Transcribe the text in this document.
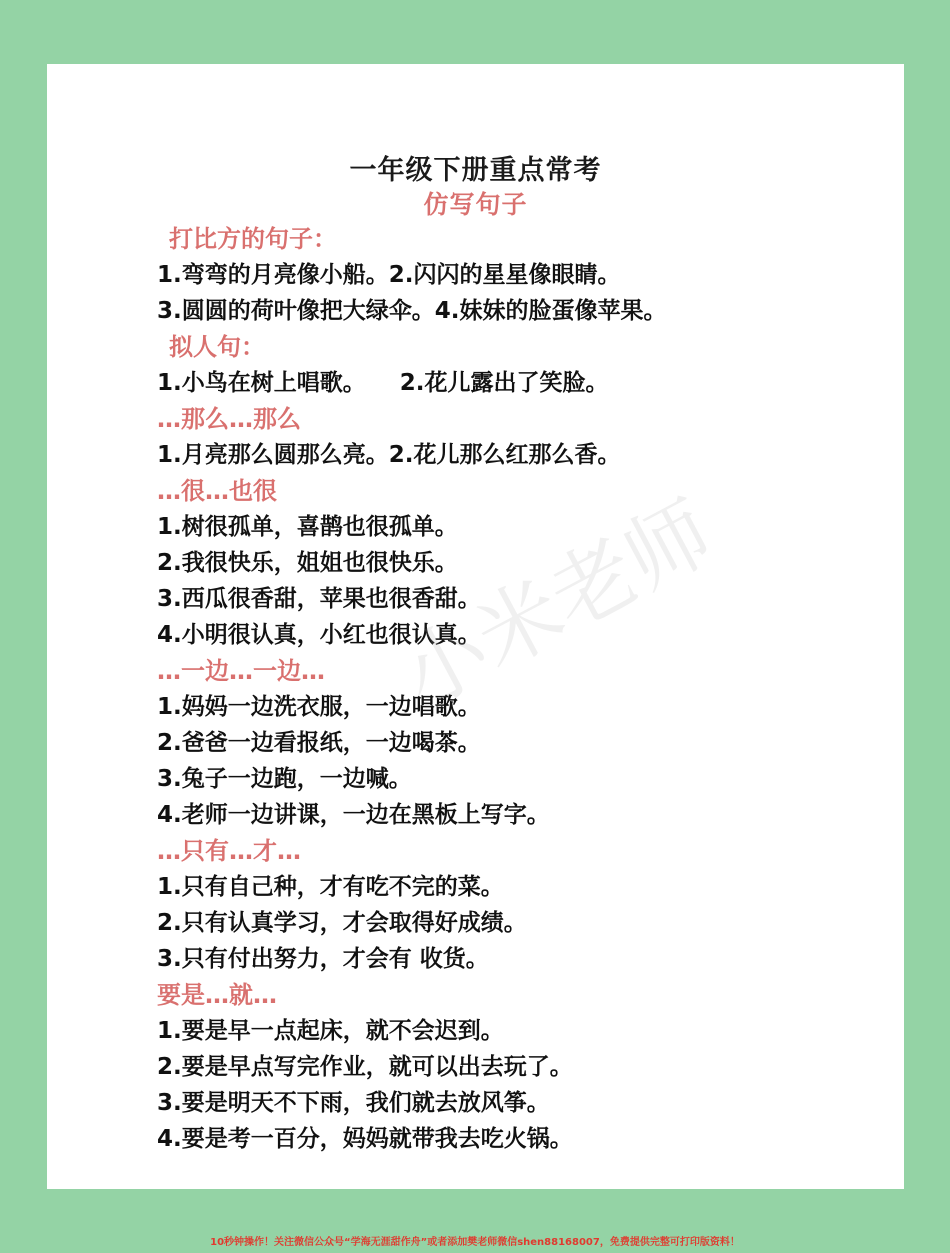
一年级下册重点常考
仿写句子
打比方的句子：
1.弯弯的月亮像小船。2.闪闪的星星像眼睛。
3.圆圆的荷叶像把大绿伞。4.妹妹的脸蛋像苹果。
拟人句：
1.小鸟在树上唱歌。 2.花儿露出了笑脸。
…那么…那么
1.月亮那么圆那么亮。2.花儿那么红那么香。
…很…也很
1.树很孤单，喜鹊也很孤单。
2.我很快乐，姐姐也很快乐。
3.西瓜很香甜，苹果也很香甜。
4.小明很认真，小红也很认真。
…一边…一边…
1.妈妈一边洗衣服，一边唱歌。
2.爸爸一边看报纸，一边喝茶。
3.兔子一边跑，一边喊。
4.老师一边讲课，一边在黑板上写字。
…只有…才…
1.只有自己种，才有吃不完的菜。
2.只有认真学习，才会取得好成绩。
3.只有付出努力，才会有 收货。
要是…就…
1.要是早一点起床，就不会迟到。
2.要是早点写完作业，就可以出去玩了。
3.要是明天不下雨，我们就去放风筝。
4.要是考一百分，妈妈就带我去吃火锅。
小米老师
10秒钟操作！关注微信公众号“学海无涯甜作舟”或者添加樊老师微信shen88168007，免费提供完整可打印版资料！
